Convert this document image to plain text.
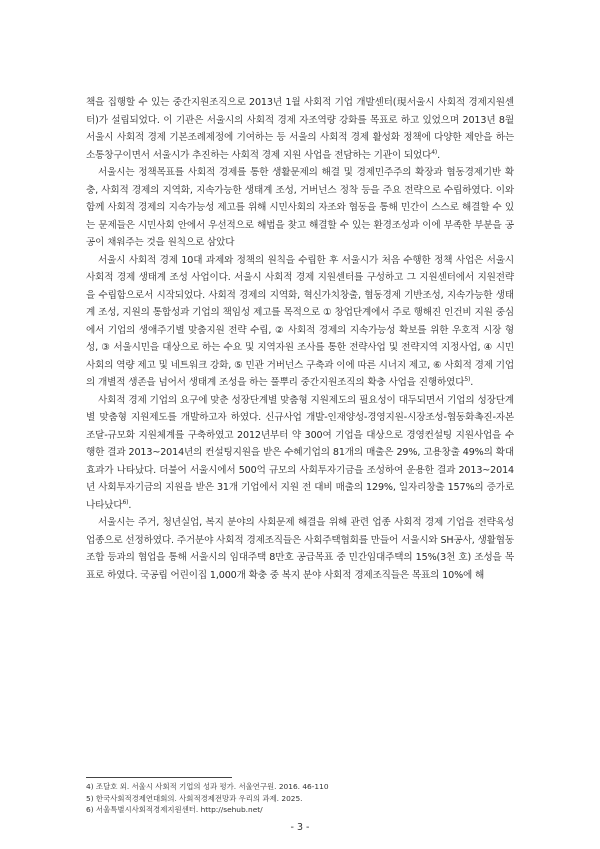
책을 집행할 수 있는 중간지원조직으로 2013년 1월 사회적 기업 개발센터(現서울시 사회적 경제지원센터)가 설립되었다. 이 기관은 서울시의 사회적 경제 자조역량 강화를 목표로 하고 있었으며 2013년 8월 서울시 사회적 경제 기본조례제정에 기여하는 등 서울의 사회적 경제 활성화 정책에 다양한 제안을 하는 소통창구이면서 서울시가 추진하는 사회적 경제 지원 사업을 전담하는 기관이 되었다$^{4)}$.

서울시는 정책목표를 사회적 경제를 통한 생활문제의 해결 및 경제민주주의 확장과 협동경제기반 확충, 사회적 경제의 지역화, 지속가능한 생태계 조성, 거버넌스 정착 등을 주요 전략으로 수립하였다. 이와 함께 사회적 경제의 지속가능성 제고를 위해 시민사회의 자조와 협동을 통해 민간이 스스로 해결할 수 있는 문제들은 시민사회 안에서 우선적으로 해법을 찾고 해결할 수 있는 환경조성과 이에 부족한 부분을 공공이 채워주는 것을 원칙으로 삼았다

서울시 사회적 경제 10대 과제와 정책의 원칙을 수립한 후 서울시가 처음 수행한 정책 사업은 서울시 사회적 경제 생태계 조성 사업이다. 서울시 사회적 경제 지원센터를 구성하고 그 지원센터에서 지원전략을 수립함으로서 시작되었다. 사회적 경제의 지역화, 혁신가치창출, 협동경제 기반조성, 지속가능한 생태계 조성, 지원의 통합성과 기업의 책임성 제고를 목적으로 ① 창업단계에서 주로 행해진 인건비 지원 중심에서 기업의 생애주기별 맞춤지원 전략 수립, ② 사회적 경제의 지속가능성 확보를 위한 우호적 시장 형성, ③ 서울시민을 대상으로 하는 수요 및 지역자원 조사를 통한 전략사업 및 전략지역 지정사업, ④ 시민사회의 역량 제고 및 네트워크 강화, ⑤ 민관 거버넌스 구축과 이에 따른 시너지 제고, ⑥ 사회적 경제 기업의 개별적 생존을 넘어서 생태계 조성을 하는 풀뿌리 중간지원조직의 확충 사업을 진행하였다$^{5)}$.

사회적 경제 기업의 요구에 맞춘 성장단계별 맞춤형 지원제도의 필요성이 대두되면서 기업의 성장단계별 맞춤형 지원제도를 개발하고자 하였다. 신규사업 개발-인재양성-경영지원-시장조성-협동화촉진-자본조달-규모화 지원체계를 구축하였고 2012년부터 약 300여 기업을 대상으로 경영컨설팅 지원사업을 수행한 결과 2013~2014년의 컨설팅지원을 받은 수혜기업의 81개의 매출은 29%, 고용창출 49%의 확대효과가 나타났다. 더불어 서울시에서 500억 규모의 사회투자기금을 조성하여 운용한 결과 2013~2014년 사회투자기금의 지원을 받은 31개 기업에서 지원 전 대비 매출의 129%, 일자리창출 157%의 증가로 나타났다$^{6)}$.

서울시는 주거, 청년실업, 복지 분야의 사회문제 해결을 위해 관련 업종 사회적 경제 기업을 전략육성업종으로 선정하였다. 주거분야 사회적 경제조직들은 사회주택협회를 만들어 서울시와 SH공사, 생활협동조합 등과의 협업을 통해 서울시의 임대주택 8만호 공급목표 중 민간임대주택의 15%(3천 호) 조성을 목표로 하였다. 국공립 어린이집 1,000개 확충 중 복지 분야 사회적 경제조직들은 목표의 10%에 해

4) 조달호 외. 서울시 사회적 기업의 성과 평가. 서울연구원. 2016. 46-110

5) 한국사회적경제연대회의. 사회적경제전망과 우리의 과제. 2025.

6) 서울특별시사회적경제지원센터. http://sehub.net/

- 3 -
